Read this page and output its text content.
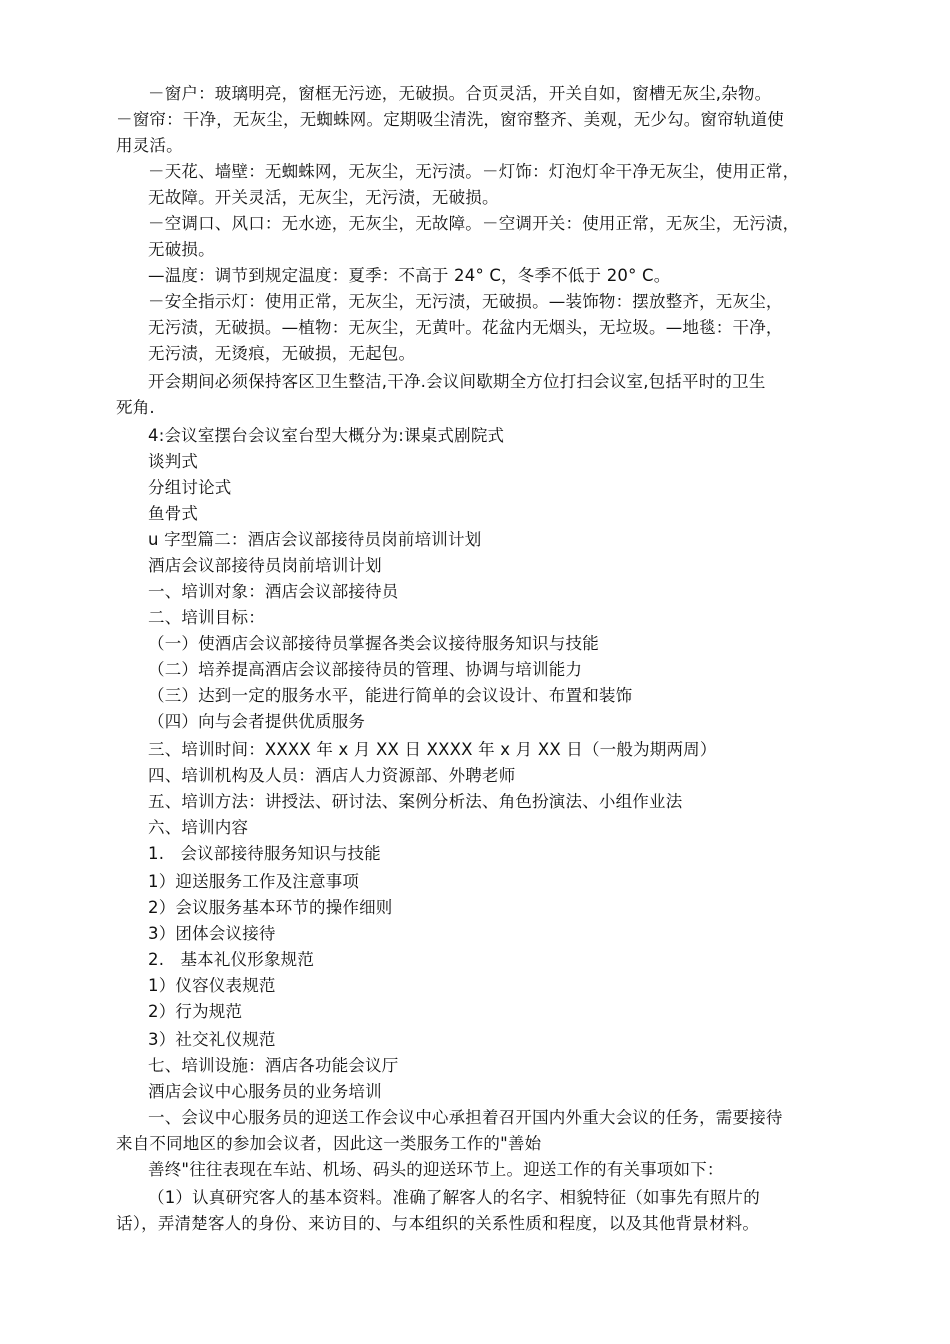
－窗户：玻璃明亮，窗框无污迹，无破损。合页灵活，开关自如，窗槽无灰尘,杂物。
－窗帘：干净，无灰尘，无蜘蛛网。定期吸尘清洗，窗帘整齐、美观，无少勾。窗帘轨道使
用灵活。
－天花、墙壁：无蜘蛛网，无灰尘，无污渍。－灯饰：灯泡灯伞干净无灰尘，使用正常，
无故障。开关灵活，无灰尘，无污渍，无破损。
－空调口、风口：无水迹，无灰尘，无故障。－空调开关：使用正常，无灰尘，无污渍，
无破损。
—温度：调节到规定温度：夏季：不高于 24° C，冬季不低于 20° C。
－安全指示灯：使用正常，无灰尘，无污渍，无破损。—装饰物：摆放整齐，无灰尘，
无污渍，无破损。—植物：无灰尘，无黄叶。花盆内无烟头，无垃圾。—地毯：干净，
无污渍，无烫痕，无破损，无起包。
开会期间必须保持客区卫生整洁,干净.会议间歇期全方位打扫会议室,包括平时的卫生
死角.
4:会议室摆台会议室台型大概分为:课桌式剧院式
谈判式
分组讨论式
鱼骨式
u 字型篇二：酒店会议部接待员岗前培训计划
酒店会议部接待员岗前培训计划
一、培训对象：酒店会议部接待员
二、培训目标：
（一）使酒店会议部接待员掌握各类会议接待服务知识与技能
（二）培养提高酒店会议部接待员的管理、协调与培训能力
（三）达到一定的服务水平，能进行简单的会议设计、布置和装饰
（四）向与会者提供优质服务
三、培训时间：XXXX 年 x 月 XX 日 XXXX 年 x 月 XX 日（一般为期两周）
四、培训机构及人员：酒店人力资源部、外聘老师
五、培训方法：讲授法、研讨法、案例分析法、角色扮演法、小组作业法
六、培训内容
1.   会议部接待服务知识与技能
1）迎送服务工作及注意事项
2）会议服务基本环节的操作细则
3）团体会议接待
2.   基本礼仪形象规范
1）仪容仪表规范
2）行为规范
3）社交礼仪规范
七、培训设施：酒店各功能会议厅
酒店会议中心服务员的业务培训
一、会议中心服务员的迎送工作会议中心承担着召开国内外重大会议的任务，需要接待
来自不同地区的参加会议者，因此这一类服务工作的"善始
善终"往往表现在车站、机场、码头的迎送环节上。迎送工作的有关事项如下：
（1）认真研究客人的基本资料。准确了解客人的名字、相貌特征（如事先有照片的
话），弄清楚客人的身份、来访目的、与本组织的关系性质和程度，以及其他背景材料。
